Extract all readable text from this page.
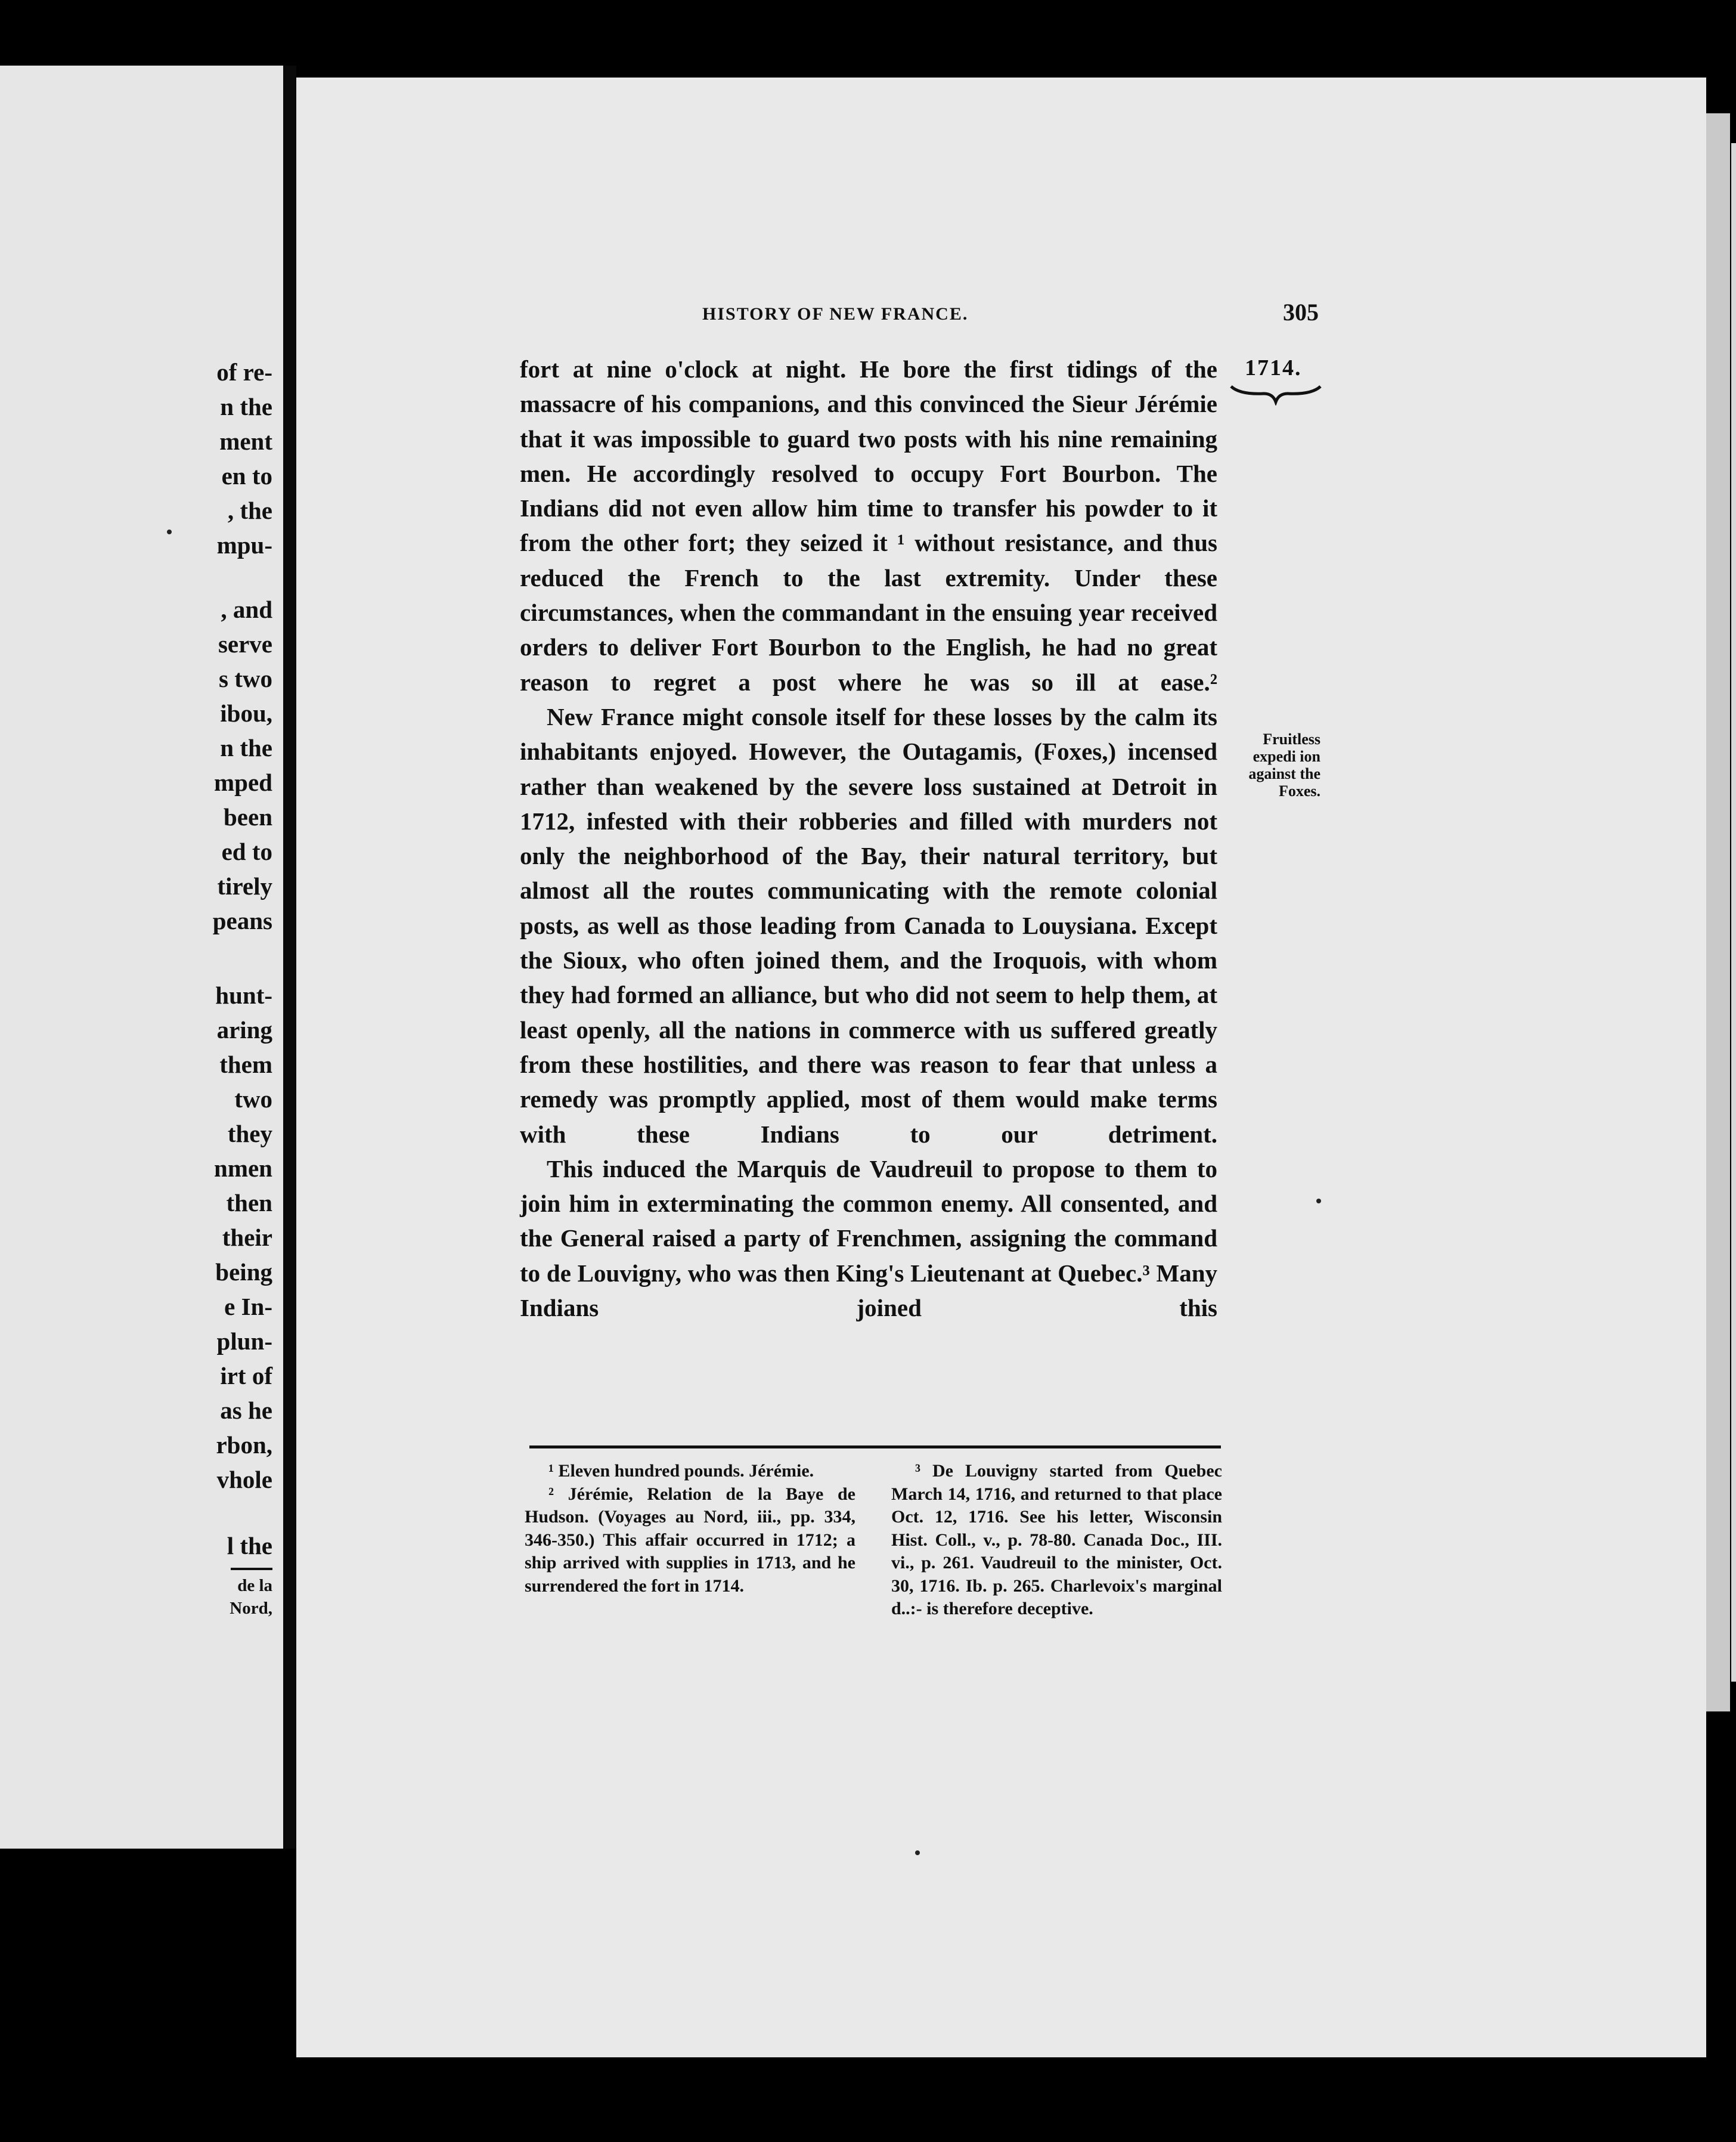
of re-
n the
ment
en to
, the
mpu-
, and
serve
s two
ibou,
n the
mped
been
ed to
tirely
peans
hunt-
aring
them
two
they
nmen
then
their
being
e In-
plun-
irt of
as he
rbon,
vhole
l the
de la
Nord,
HISTORY OF NEW FRANCE.	305
1714.
Fruitless expedi ion against the Foxes.

fort at nine o'clock at night. He bore the first tidings of the massacre of his companions, and this convinced the Sieur Jérémie that it was impossible to guard two posts with his nine remaining men. He accordingly resolved to occupy Fort Bourbon. The Indians did not even allow him time to transfer his powder to it from the other fort; they seized it ¹ without resistance, and thus reduced the French to the last extremity. Under these circumstances, when the commandant in the ensuing year received orders to deliver Fort Bourbon to the English, he had no great reason to regret a post where he was so ill at ease.²

New France might console itself for these losses by the calm its inhabitants enjoyed. However, the Outagamis, (Foxes,) incensed rather than weakened by the severe loss sustained at Detroit in 1712, infested with their robberies and filled with murders not only the neighborhood of the Bay, their natural territory, but almost all the routes communicating with the remote colonial posts, as well as those leading from Canada to Louysiana. Except the Sioux, who often joined them, and the Iroquois, with whom they had formed an alliance, but who did not seem to help them, at least openly, all the nations in commerce with us suffered greatly from these hostilities, and there was reason to fear that unless a remedy was promptly applied, most of them would make terms with these Indians to our detriment.

This induced the Marquis de Vaudreuil to propose to them to join him in exterminating the common enemy. All consented, and the General raised a party of Frenchmen, assigning the command to de Louvigny, who was then King's Lieutenant at Quebec.³ Many Indians joined this

¹ Eleven hundred pounds. Jérémie.

² Jérémie, Relation de la Baye de Hudson. (Voyages au Nord, iii., pp. 334, 346-350.) This affair occurred in 1712; a ship arrived with supplies in 1713, and he surrendered the fort in 1714.

³ De Louvigny started from Quebec March 14, 1716, and returned to that place Oct. 12, 1716. See his letter, Wisconsin Hist. Coll., v., p. 78-80. Canada Doc., III. vi., p. 261. Vaudreuil to the minister, Oct. 30, 1716. Ib. p. 265. Charlevoix's marginal d..:- is therefore deceptive.
